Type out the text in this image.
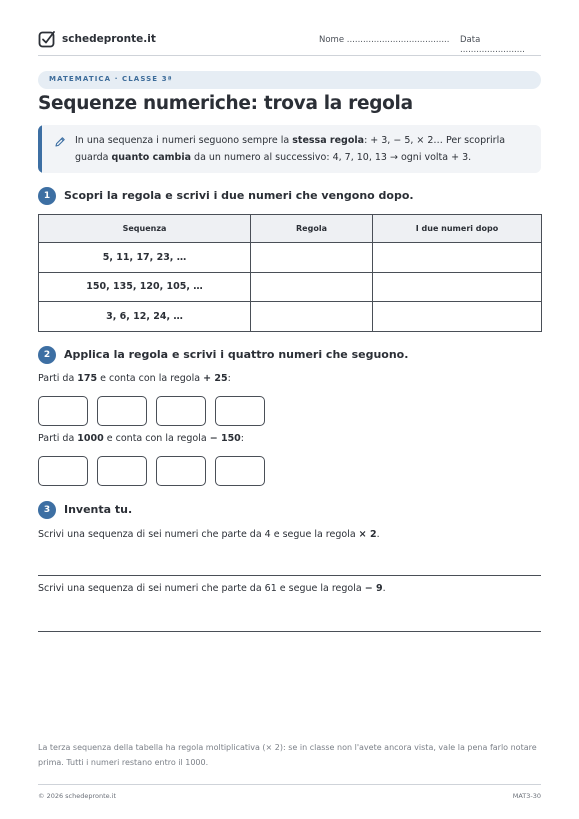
schedepronte.it	Nome ...................................... Data ........................
MATEMATICA · CLASSE 3ª
Sequenze numeriche: trova la regola
In una sequenza i numeri seguono sempre la stessa regola: + 3, − 5, × 2… Per scoprirla guarda quanto cambia da un numero al successivo: 4, 7, 10, 13 → ogni volta + 3.
1	Scopri la regola e scrivi i due numeri che vengono dopo.
Sequenza	Regola	I due numeri dopo
5, 11, 17, 23, …		
150, 135, 120, 105, …		
3, 6, 12, 24, …		
2	Applica la regola e scrivi i quattro numeri che seguono.
Parti da 175 e conta con la regola + 25:
Parti da 1000 e conta con la regola − 150:
3	Inventa tu.
Scrivi una sequenza di sei numeri che parte da 4 e segue la regola × 2.
Scrivi una sequenza di sei numeri che parte da 61 e segue la regola − 9.
La terza sequenza della tabella ha regola moltiplicativa (× 2): se in classe non l'avete ancora vista, vale la pena farlo notare prima. Tutti i numeri restano entro il 1000.
© 2026 schedepronte.it	MAT3-30
